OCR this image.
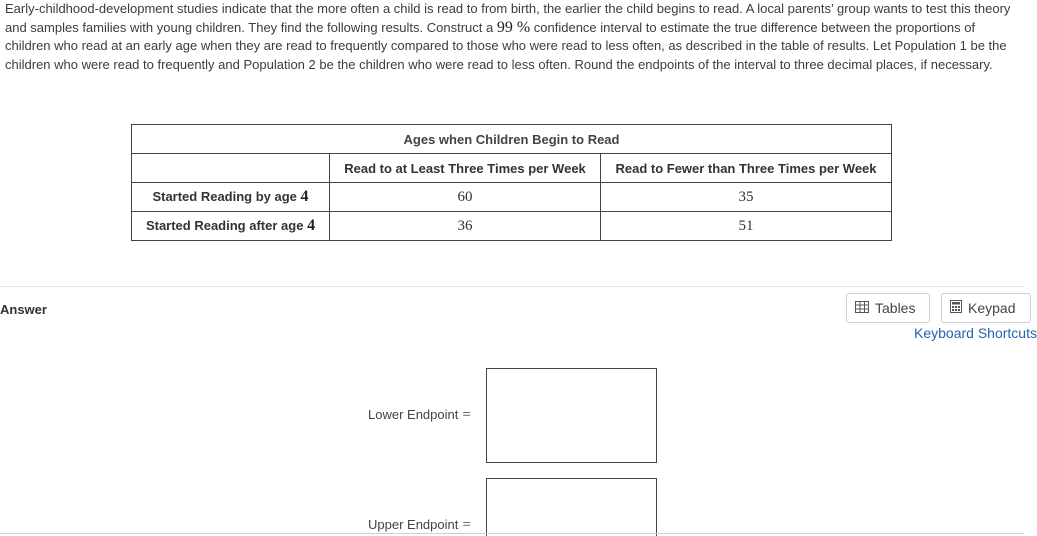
Early-childhood-development studies indicate that the more often a child is read to from birth, the earlier the child begins to read. A local parents’ group wants to test this theory and samples families with young children. They find the following results. Construct a 99 % confidence interval to estimate the true difference between the proportions of children who read at an early age when they are read to frequently compared to those who were read to less often, as described in the table of results. Let Population 1 be the children who were read to frequently and Population 2 be the children who were read to less often. Round the endpoints of the interval to three decimal places, if necessary.
Ages when Children Begin to Read		
	Read to at Least Three Times per Week	Read to Fewer than Three Times per Week
Started Reading by age 4	60	35
Started Reading after age 4	36	51
Answer	Tables	Keypad
Keyboard Shortcuts
Lower Endpoint =
Upper Endpoint =
